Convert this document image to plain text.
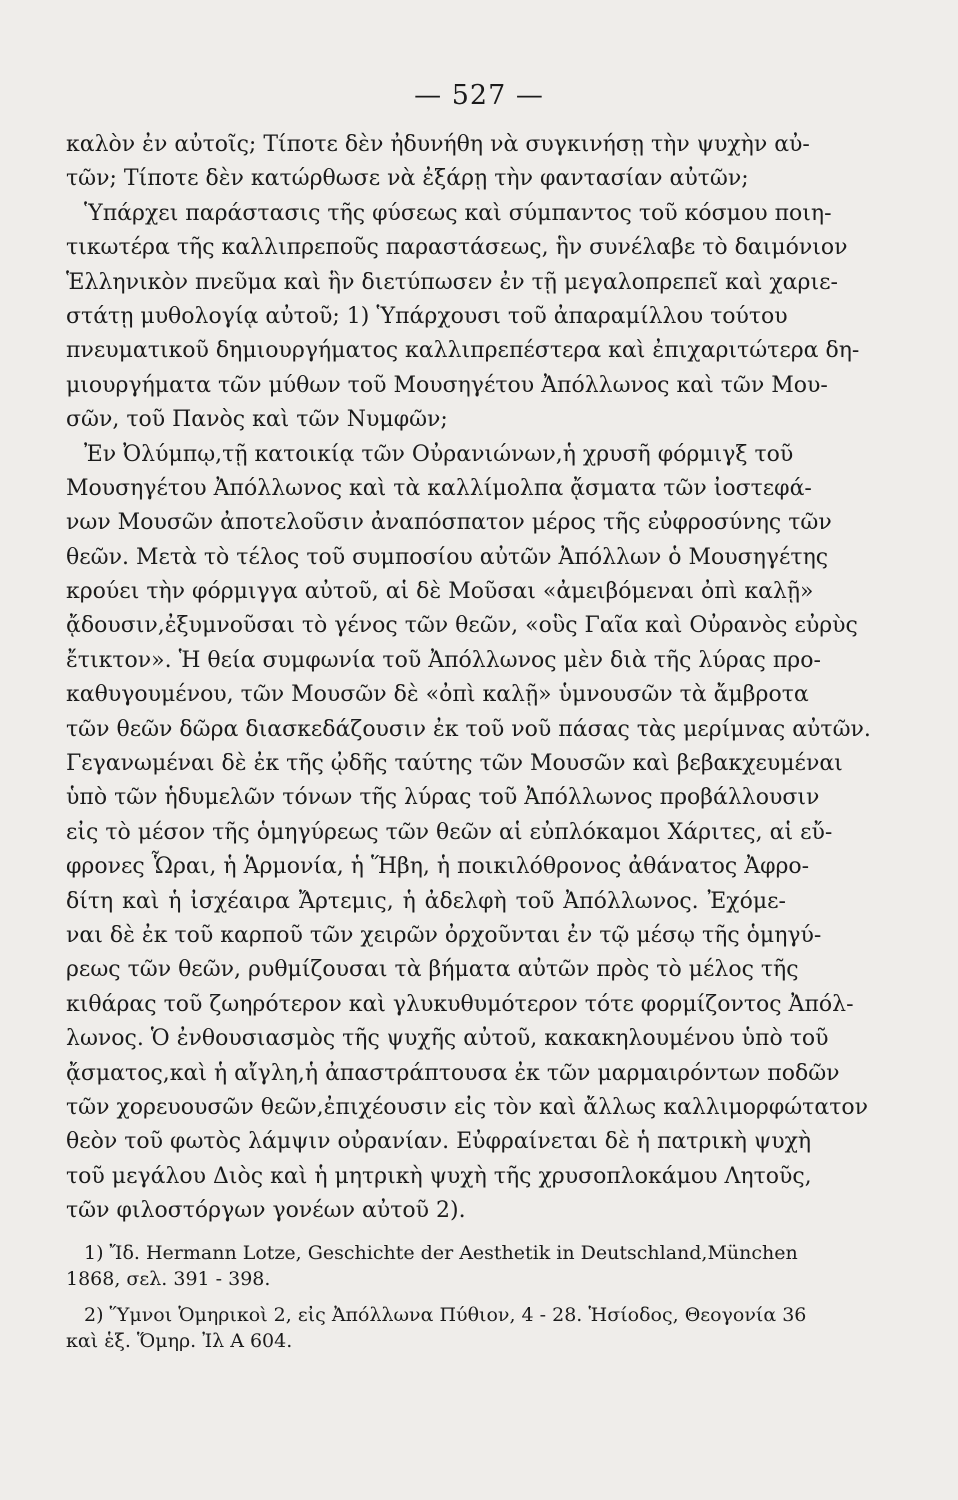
— 527 —
καλὸν ἐν αὐτοῖς; Τίποτε δὲν ἠδυνήθη νὰ συγκινήσῃ τὴν ψυχὴν αὐ-
τῶν; Τίποτε δὲν κατώρθωσε νὰ ἐξάρῃ τὴν φαντασίαν αὐτῶν;
Ὑπάρχει παράστασις τῆς φύσεως καὶ σύμπαντος τοῦ κόσμου ποιη-
τικωτέρα τῆς καλλιπρεποῦς παραστάσεως, ἣν συνέλαβε τὸ δαιμόνιον
Ἑλληνικὸν πνεῦμα καὶ ἣν διετύπωσεν ἐν τῇ μεγαλοπρεπεῖ καὶ χαριε-
στάτῃ μυθολογίᾳ αὐτοῦ; 1) Ὑπάρχουσι τοῦ ἀπαραμίλλου τούτου
πνευματικοῦ δημιουργήματος καλλιπρεπέστερα καὶ ἐπιχαριτώτερα δη-
μιουργήματα τῶν μύθων τοῦ Μουσηγέτου Ἀπόλλωνος καὶ τῶν Μου-
σῶν, τοῦ Πανὸς καὶ τῶν Νυμφῶν;
Ἐν Ὀλύμπῳ,τῇ κατοικίᾳ τῶν Οὐρανιώνων,ἡ χρυσῆ φόρμιγξ τοῦ
Μουσηγέτου Ἀπόλλωνος καὶ τὰ καλλίμολπα ᾄσματα τῶν ἰοστεφά-
νων Μουσῶν ἀποτελοῦσιν ἀναπόσπατον μέρος τῆς εὐφροσύνης τῶν
θεῶν. Μετὰ τὸ τέλος τοῦ συμποσίου αὐτῶν Ἀπόλλων ὁ Μουσηγέτης
κρούει τὴν φόρμιγγα αὐτοῦ, αἱ δὲ Μοῦσαι «ἀμειβόμεναι ὀπὶ καλῇ»
ᾄδουσιν,ἐξυμνοῦσαι τὸ γένος τῶν θεῶν, «οὓς Γαῖα καὶ Οὐρανὸς εὐρὺς
ἔτικτον». Ἡ θεία συμφωνία τοῦ Ἀπόλλωνος μὲν διὰ τῆς λύρας προ-
καθυγουμένου, τῶν Μουσῶν δὲ «ὀπὶ καλῇ» ὑμνουσῶν τὰ ἄμβροτα
τῶν θεῶν δῶρα διασκεδάζουσιν ἐκ τοῦ νοῦ πάσας τὰς μερίμνας αὐτῶν.
Γεγανωμέναι δὲ ἐκ τῆς ᾠδῆς ταύτης τῶν Μουσῶν καὶ βεβακχευμέναι
ὑπὸ τῶν ἡδυμελῶν τόνων τῆς λύρας τοῦ Ἀπόλλωνος προβάλλουσιν
εἰς τὸ μέσον τῆς ὁμηγύρεως τῶν θεῶν αἱ εὐπλόκαμοι Χάριτες, αἱ εὔ-
φρονες Ὧραι, ἡ Ἁρμονία, ἡ Ἥβη, ἡ ποικιλόθρονος ἀθάνατος Ἀφρο-
δίτη καὶ ἡ ἰσχέαιρα Ἄρτεμις, ἡ ἀδελφὴ τοῦ Ἀπόλλωνος. Ἐχόμε-
ναι δὲ ἐκ τοῦ καρποῦ τῶν χειρῶν ὀρχοῦνται ἐν τῷ μέσῳ τῆς ὁμηγύ-
ρεως τῶν θεῶν, ρυθμίζουσαι τὰ βήματα αὐτῶν πρὸς τὸ μέλος τῆς
κιθάρας τοῦ ζωηρότερον καὶ γλυκυθυμότερον τότε φορμίζοντος Ἀπόλ-
λωνος. Ὁ ἐνθουσιασμὸς τῆς ψυχῆς αὐτοῦ, κακακηλουμένου ὑπὸ τοῦ
ᾄσματος,καὶ ἡ αἴγλη,ἡ ἀπαστράπτουσα ἐκ τῶν μαρμαιρόντων ποδῶν
τῶν χορευουσῶν θεῶν,ἐπιχέουσιν εἰς τὸν καὶ ἄλλως καλλιμορφώτατον
θεὸν τοῦ φωτὸς λάμψιν οὐρανίαν. Εὐφραίνεται δὲ ἡ πατρικὴ ψυχὴ
τοῦ μεγάλου Διὸς καὶ ἡ μητρικὴ ψυχὴ τῆς χρυσοπλοκάμου Λητοῦς,
τῶν φιλοστόργων γονέων αὐτοῦ 2).
1) Ἴδ. Hermann Lotze, Geschichte der Aesthetik in Deutschland,München
1868, σελ. 391 - 398.
2) Ὕμνοι Ὁμηρικοὶ 2, εἰς Ἀπόλλωνα Πύθιον, 4 - 28. Ἡσίοδος, Θεογονία 36
καὶ ἑξ. Ὅμηρ. Ἰλ Α 604.
